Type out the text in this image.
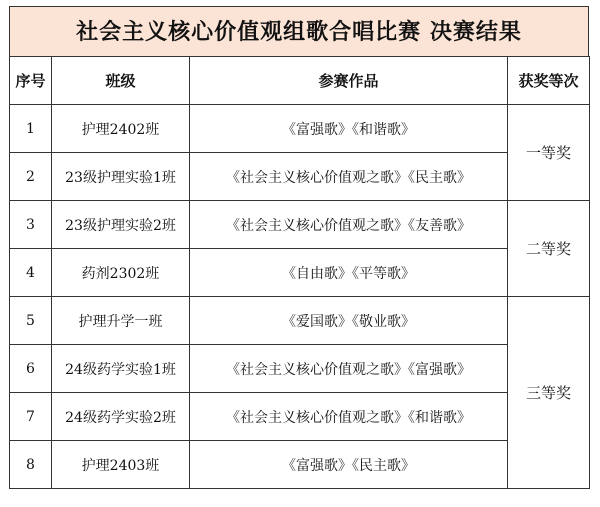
社会主义核心价值观组歌合唱比赛 决赛结果
序号	班级	参赛作品	获奖等次
1	护理2402班	《富强歌》《和谐歌》	一等奖
2	23级护理实验1班	《社会主义核心价值观之歌》《民主歌》	
3	23级护理实验2班	《社会主义核心价值观之歌》《友善歌》	二等奖
4	药剂2302班	《自由歌》《平等歌》	
5	护理升学一班	《爱国歌》《敬业歌》	三等奖
6	24级药学实验1班	《社会主义核心价值观之歌》《富强歌》	
7	24级药学实验2班	《社会主义核心价值观之歌》《和谐歌》	
8	护理2403班	《富强歌》《民主歌》	
